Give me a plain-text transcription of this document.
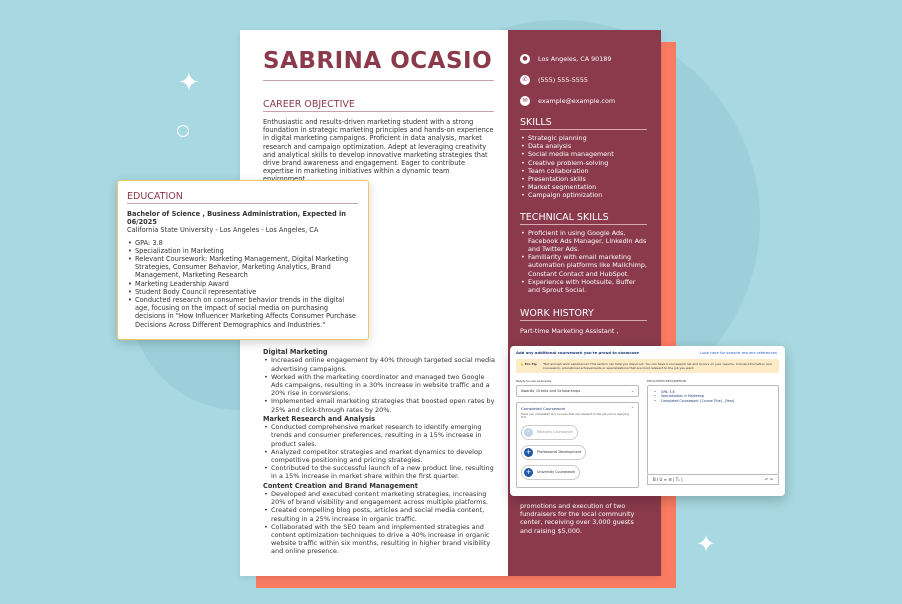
✦
✦
SABRINA OCASIO
CAREER OBJECTIVE
Enthusiastic and results-driven marketing student with a strong foundation in strategic marketing principles and hands-on experience in digital marketing campaigns. Proficient in data analysis, market research and campaign optimization. Adept at leveraging creativity and analytical skills to develop innovative marketing strategies that drive brand awareness and engagement. Eager to contribute expertise in marketing initiatives within a dynamic team
Digital Marketing
• Increased online engagement by 40% through targeted social media advertising campaigns.
• Worked with the marketing coordinator and managed two Google Ads campaigns, resulting in a 30% increase in website traffic and a 20% rise in conversions.
• Implemented email marketing strategies that boosted open rates by 25% and click-through rates by 20%.
Market Research and Analysis
• Conducted comprehensive market research to identify emerging trends and consumer preferences, resulting in a 15% increase in product sales.
• Analyzed competitor strategies and market dynamics to develop competitive positioning and pricing strategies.
• Contributed to the successful launch of a new product line, resulting in a 15% increase in market share within the first quarter.
Content Creation and Brand Management
• Developed and executed content marketing strategies, increasing 20% of brand visibility and engagement across multiple platforms.
• Created compelling blog posts, articles and social media content, resulting in a 25% increase in organic traffic.
• Collaborated with the SEO team and implemented strategies and content optimization techniques to drive a 40% increase in organic website traffic within six months, resulting in higher brand visibility and online presence.
●	Los Angeles, CA 90189
✆	(555) 555-5555
✉	example@example.com
SKILLS
• Strategic planning
• Data analysis
• Social media management
• Creative problem-solving
• Team collaboration
• Presentation skills
• Market segmentation
• Campaign optimization
TECHNICAL SKILLS
• Proficient in using Google Ads, Facebook Ads Manager, LinkedIn Ads and Twitter Ads.
• Familiarity with email marketing automation platforms like Mailchimp, Constant Contact and HubSpot.
• Experience with Hootsuite, Buffer and Sprout Social.
WORK HISTORY
Part-time Marketing Assistant ,
promotions and execution of two fundraisers for the local community center, receiving over 3,000 guests and raising $5,000.
EDUCATION
Bachelor of Science , Business Administration, Expected in 06/2025
California State University - Los Angeles - Los Angeles, CA
• GPA: 3.8
• Specialization in Marketing
• Relevant Coursework: Marketing Management, Digital Marketing Strategies, Consumer Behavior, Marketing Analytics, Brand Management, Marketing Research
• Marketing Leadership Award
• Student Body Council representative
• Conducted research on consumer behavior trends in the digital age, focusing on the impact of social media on purchasing decisions in "How Influencer Marketing Affects Consumer Purchase Decisions Across Different Demographics and Industries."
Add any additional coursework you're proud to showcase	Look here for sample resume references
💡 Pro Tip "Not enough work experience? This section can help you stand out. You can have a coursework list and honors on your resume. Include information and coursework, educational achievements or specializations that are most relevant to the job you want.
Ready-to-use examples
Awards, Grants and Scholarships	⌄
Completed Coursework	⌃
Have you completed any courses that are relevant to the job you're applying for?
✓	Relevant Coursework
+	Professional Development
+	University Coursework
EDUCATION DESCRIPTION
• GPA: 3.8
• Specialization in Marketing
• Completed Coursework: [Course Title] - [Year]
B I U ≡ ☰ | Tₓ |	↶ ↷
